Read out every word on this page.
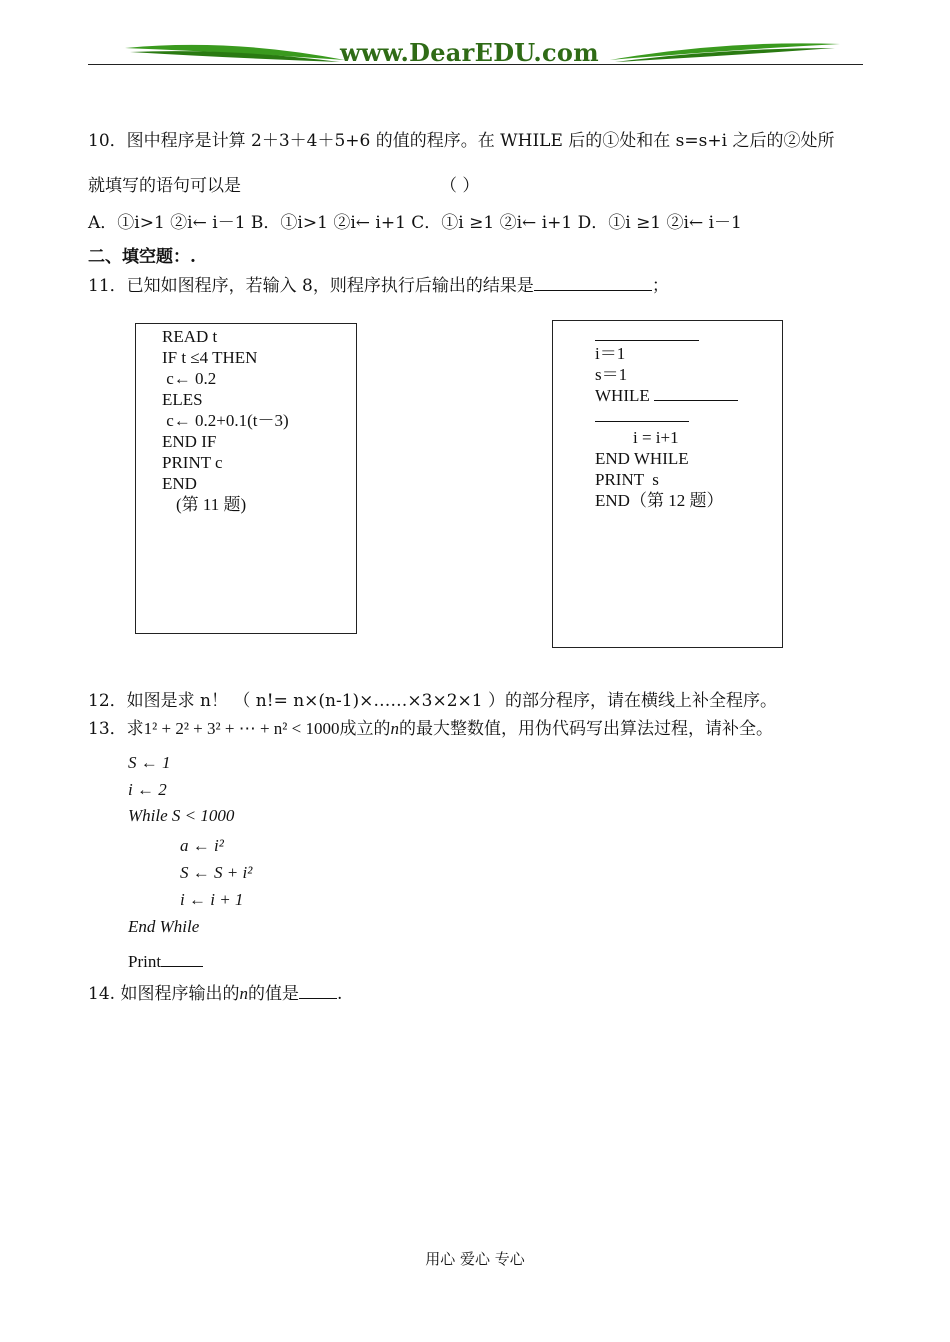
www.DearEDU.com
10．图中程序是计算 2＋3＋4＋5+6 的值的程序。在 WHILE 后的①处和在 s=s+i 之后的②处所
就填写的语句可以是	（ ）
A．①i>1 ②i← i－1 B．①i>1 ②i← i+1 C．①i ≥1 ②i← i+1 D．①i ≥1 ②i← i－1
二、填空题：.
11．已知如图程序，若输入 8，则程序执行后输出的结果是	；
READ t
IF t ≤4 THEN
c← 0.2
ELES
c← 0.2+0.1(t－3)
END IF
PRINT c
END
(第 11 题)
i＝1
s＝1
WHILE
i = i+1
END WHILE
PRINT  s
END（第 12 题）
12．如图是求 n！ （ n!= n×(n-1)×……×3×2×1 ）的部分程序，请在横线上补全程序。
13．求1² + 2² + 3² + ⋯ + n² < 1000成立的n的最大整数值，用伪代码写出算法过程，请补全。
S ← 1
i ← 2
While S < 1000
a ← i²
S ← S + i²
i ← i + 1
End While
Print
14. 如图程序输出的n的值是 .
用心 爱心 专心
